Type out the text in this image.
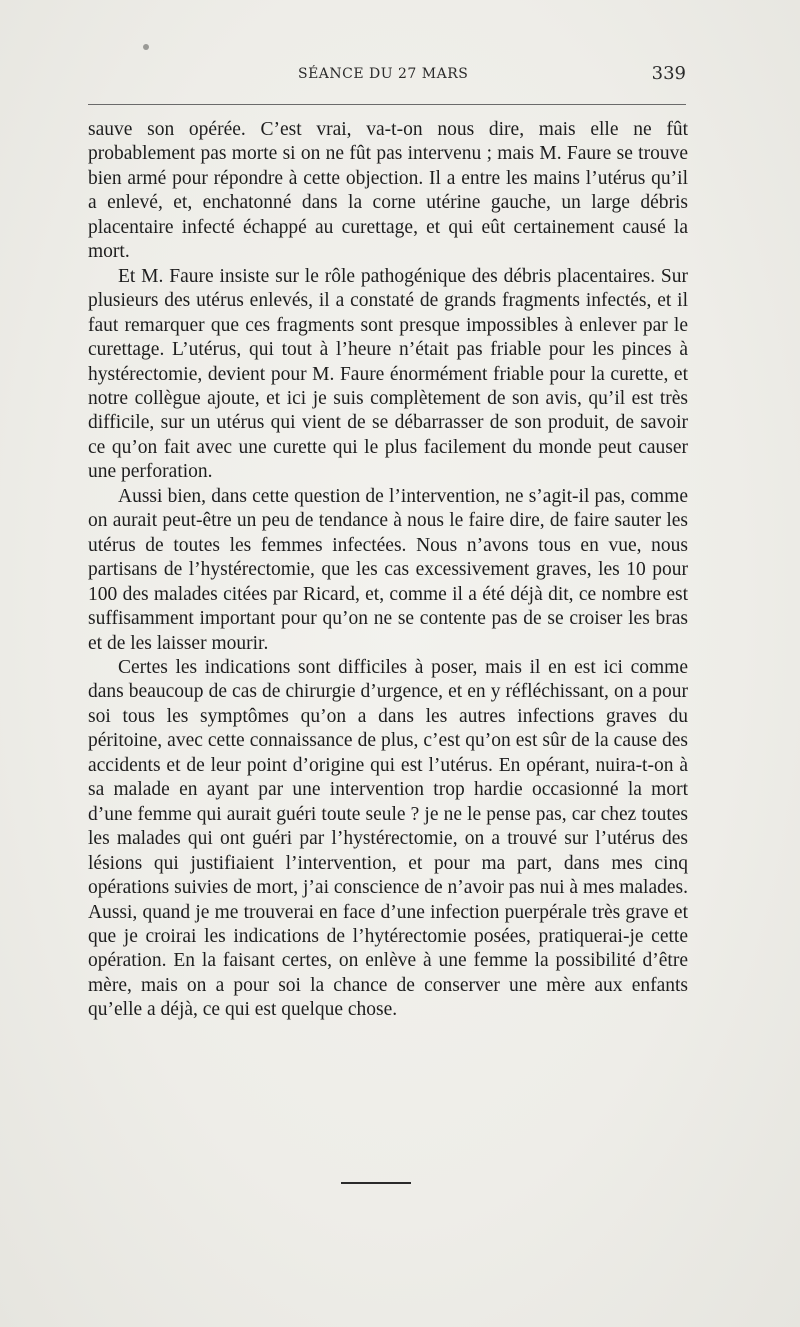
SÉANCE DU 27 MARS	339

sauve son opérée. C’est vrai, va-t-on nous dire, mais elle ne fût probablement pas morte si on ne fût pas intervenu ; mais M. Faure se trouve bien armé pour répondre à cette objection. Il a entre les mains l’utérus qu’il a enlevé, et, enchatonné dans la corne utérine gauche, un large débris placentaire infecté échappé au curettage, et qui eût certainement causé la mort.

Et M. Faure insiste sur le rôle pathogénique des débris placentaires. Sur plusieurs des utérus enlevés, il a constaté de grands fragments infectés, et il faut remarquer que ces fragments sont presque impossibles à enlever par le curettage. L’utérus, qui tout à l’heure n’était pas friable pour les pinces à hystérectomie, devient pour M. Faure énormément friable pour la curette, et notre collègue ajoute, et ici je suis complètement de son avis, qu’il est très difficile, sur un utérus qui vient de se débarrasser de son produit, de savoir ce qu’on fait avec une curette qui le plus facilement du monde peut causer une perforation.

Aussi bien, dans cette question de l’intervention, ne s’agit-il pas, comme on aurait peut-être un peu de tendance à nous le faire dire, de faire sauter les utérus de toutes les femmes infectées. Nous n’avons tous en vue, nous partisans de l’hystérectomie, que les cas excessivement graves, les 10 pour 100 des malades citées par Ricard, et, comme il a été déjà dit, ce nombre est suffisamment important pour qu’on ne se contente pas de se croiser les bras et de les laisser mourir.

Certes les indications sont difficiles à poser, mais il en est ici comme dans beaucoup de cas de chirurgie d’urgence, et en y réfléchissant, on a pour soi tous les symptômes qu’on a dans les autres infections graves du péritoine, avec cette connaissance de plus, c’est qu’on est sûr de la cause des accidents et de leur point d’origine qui est l’utérus. En opérant, nuira-t-on à sa malade en ayant par une intervention trop hardie occasionné la mort d’une femme qui aurait guéri toute seule ? je ne le pense pas, car chez toutes les malades qui ont guéri par l’hystérectomie, on a trouvé sur l’utérus des lésions qui justifiaient l’intervention, et pour ma part, dans mes cinq opérations suivies de mort, j’ai conscience de n’avoir pas nui à mes malades. Aussi, quand je me trouverai en face d’une infection puerpérale très grave et que je croirai les indications de l’hytérectomie posées, pratiquerai-je cette opération. En la faisant certes, on enlève à une femme la possibilité d’être mère, mais on a pour soi la chance de conserver une mère aux enfants qu’elle a déjà, ce qui est quelque chose.
